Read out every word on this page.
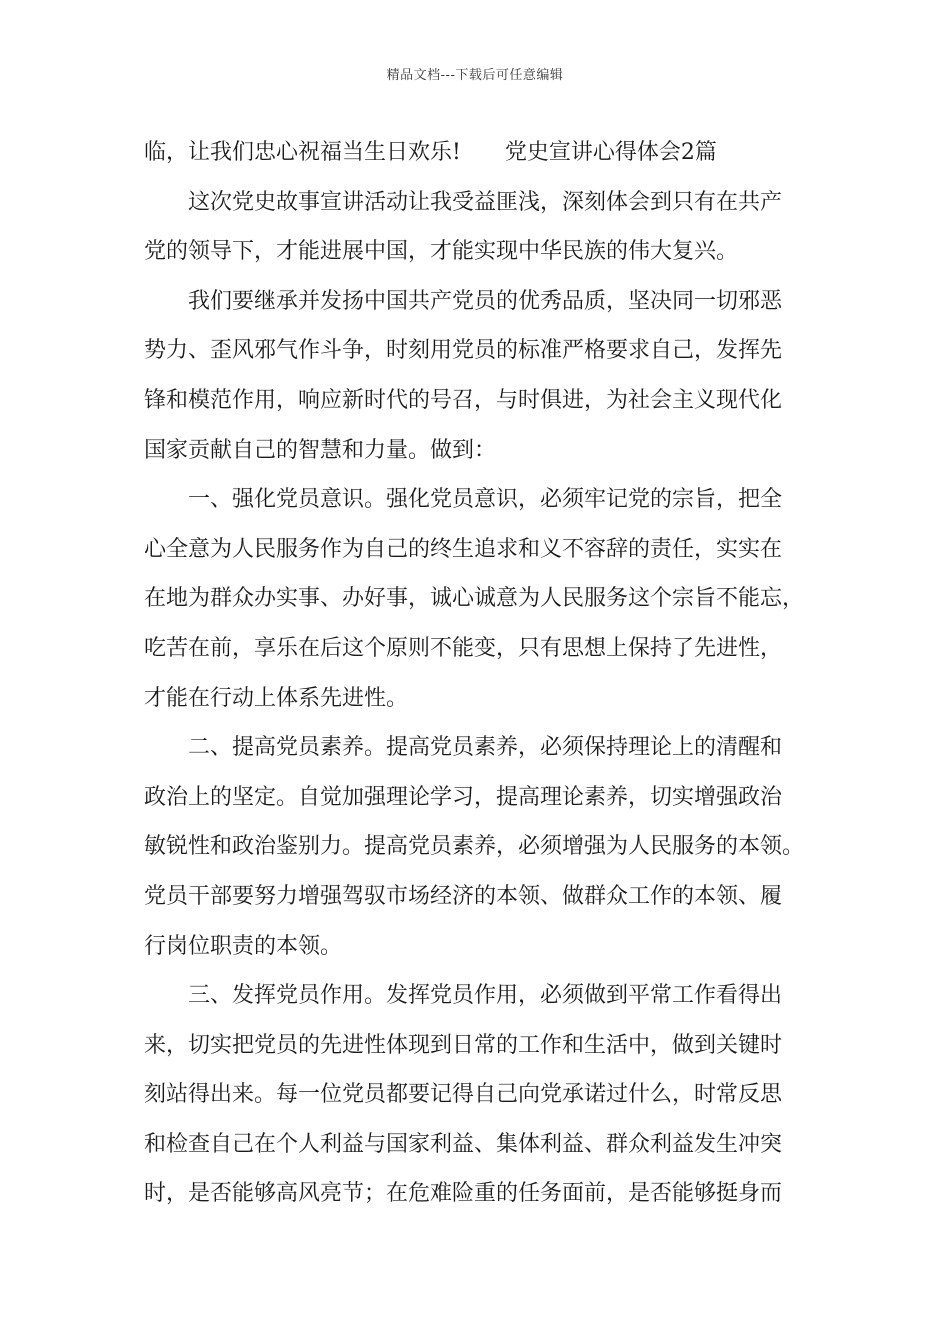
精品文档---下载后可任意编辑
临，让我们忠心祝福当生日欢乐! 党史宣讲心得体会2篇
这次党史故事宣讲活动让我受益匪浅，深刻体会到只有在共产
党的领导下，才能进展中国，才能实现中华民族的伟大复兴。
我们要继承并发扬中国共产党员的优秀品质，坚决同一切邪恶
势力、歪风邪气作斗争，时刻用党员的标准严格要求自己，发挥先
锋和模范作用，响应新时代的号召，与时俱进，为社会主义现代化
国家贡献自己的智慧和力量。做到：
一、强化党员意识。强化党员意识，必须牢记党的宗旨，把全
心全意为人民服务作为自己的终生追求和义不容辞的责任，实实在
在地为群众办实事、办好事，诚心诚意为人民服务这个宗旨不能忘，
吃苦在前，享乐在后这个原则不能变，只有思想上保持了先进性，
才能在行动上体系先进性。
二、提高党员素养。提高党员素养，必须保持理论上的清醒和
政治上的坚定。自觉加强理论学习，提高理论素养，切实增强政治
敏锐性和政治鉴别力。提高党员素养，必须增强为人民服务的本领。
党员干部要努力增强驾驭市场经济的本领、做群众工作的本领、履
行岗位职责的本领。
三、发挥党员作用。发挥党员作用，必须做到平常工作看得出
来，切实把党员的先进性体现到日常的工作和生活中，做到关键时
刻站得出来。每一位党员都要记得自己向党承诺过什么，时常反思
和检查自己在个人利益与国家利益、集体利益、群众利益发生冲突
时，是否能够高风亮节；在危难险重的任务面前，是否能够挺身而
